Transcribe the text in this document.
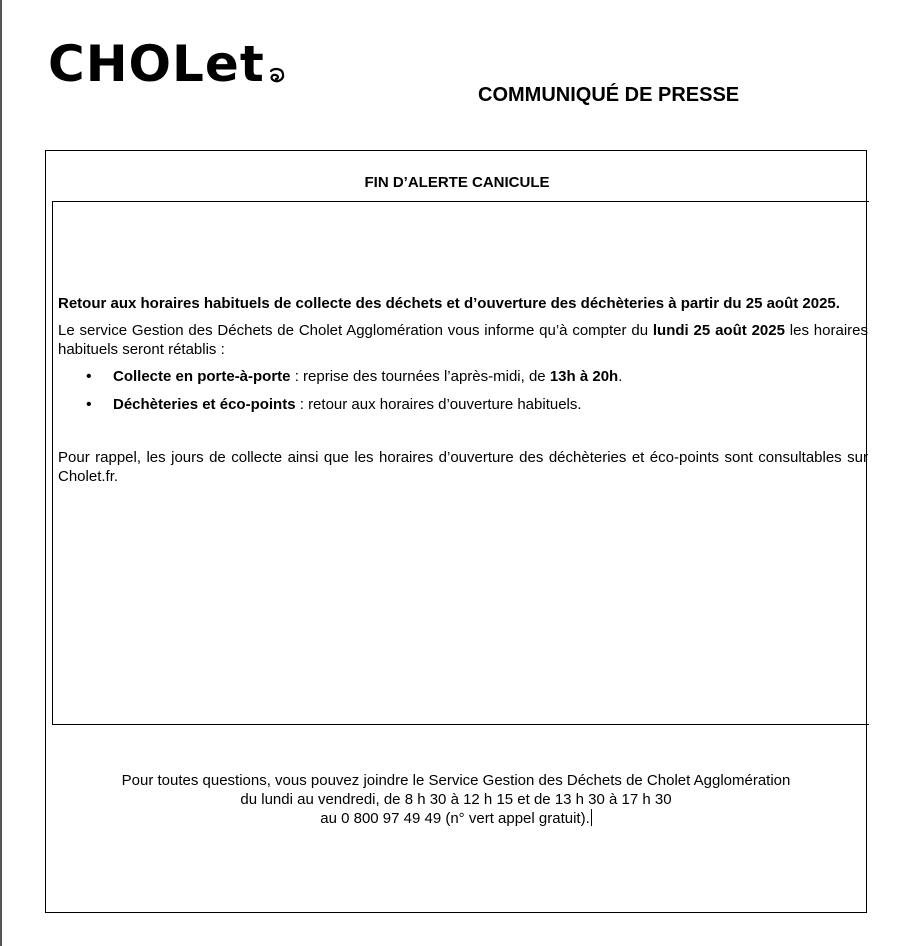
CHOLet
COMMUNIQUÉ DE PRESSE
FIN D’ALERTE CANICULE

Retour aux horaires habituels de collecte des déchets et d’ouverture des déchèteries à partir du 25 août 2025.

Le service Gestion des Déchets de Cholet Agglomération vous informe qu’à compter du lundi 25 août 2025 les horaires habituels seront rétablis :

• Collecte en porte-à-porte : reprise des tournées l’après-midi, de 13h à 20h.
• Déchèteries et éco-points : retour aux horaires d’ouverture habituels.

Pour rappel, les jours de collecte ainsi que les horaires d’ouverture des déchèteries et éco-points sont consultables sur Cholet.fr.

Pour toutes questions, vous pouvez joindre le Service Gestion des Déchets de Cholet Agglomération
du lundi au vendredi, de 8 h 30 à 12 h 15 et de 13 h 30 à 17 h 30
au 0 800 97 49 49 (n° vert appel gratuit).
